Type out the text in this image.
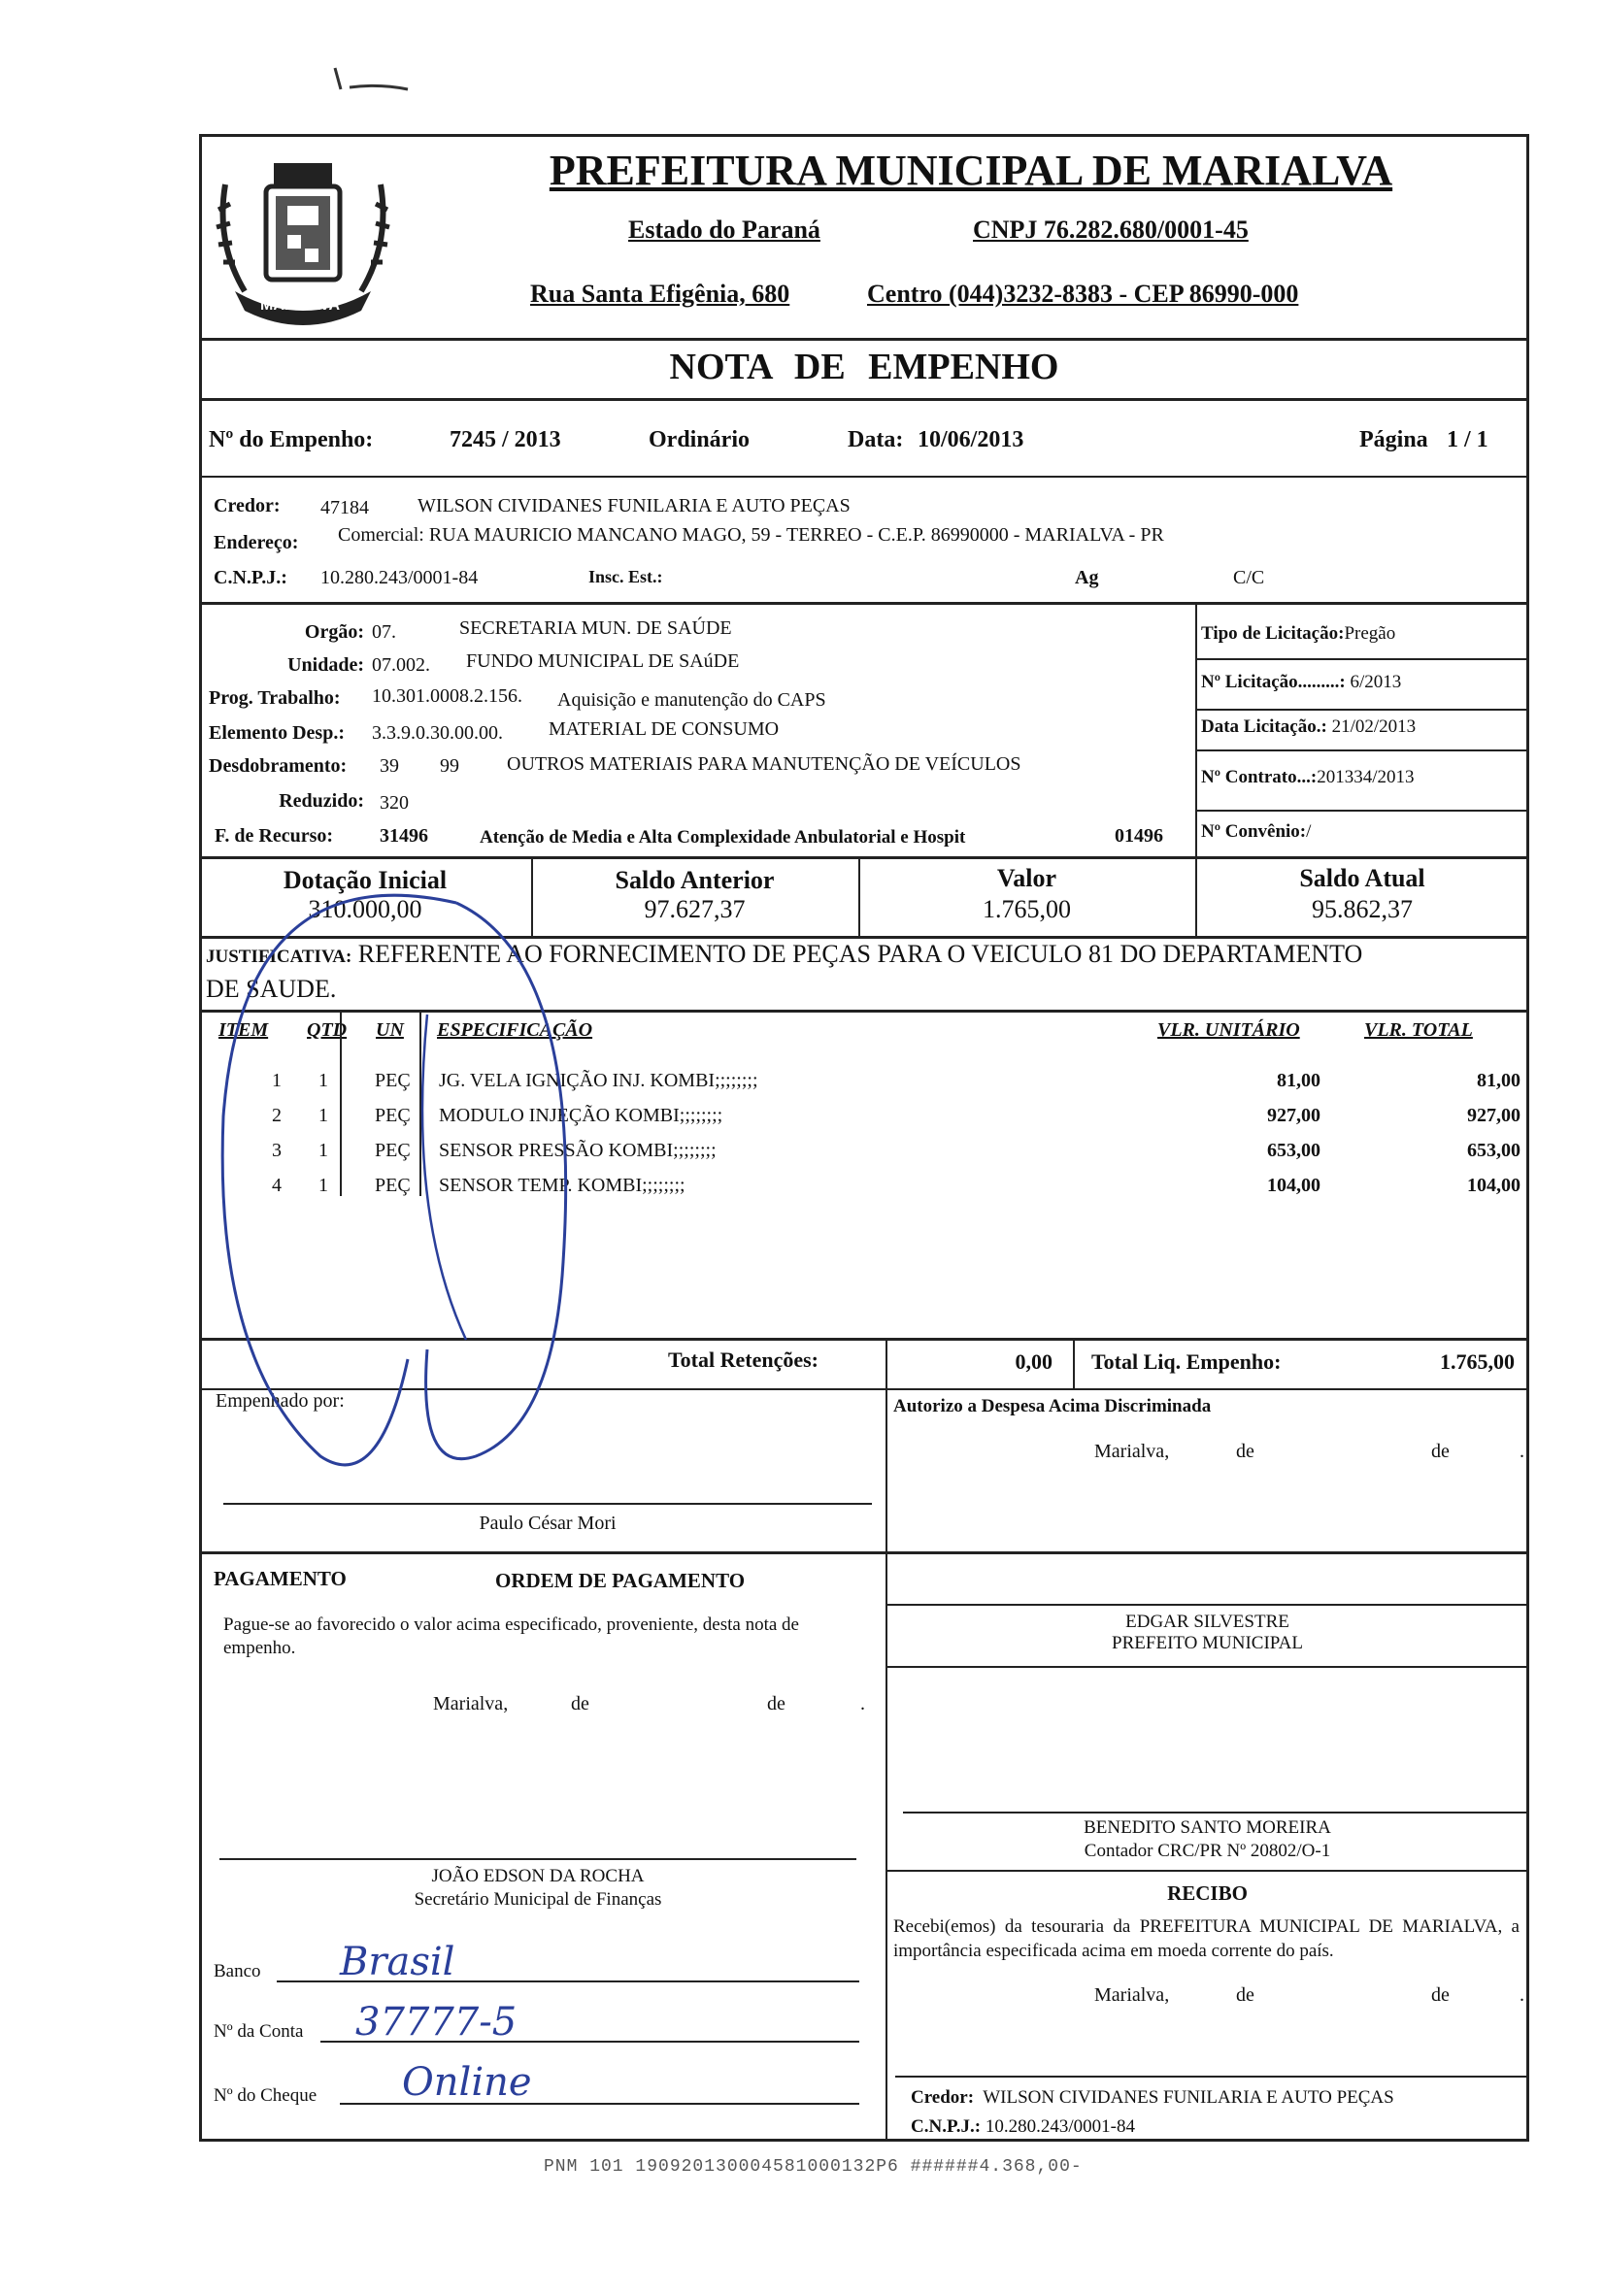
MARIALVA
PREFEITURA MUNICIPAL DE MARIALVA
Estado do Paraná	CNPJ 76.282.680/0001-45
Rua Santa Efigênia, 680	Centro (044)3232-8383 - CEP 86990-000
NOTA DE EMPENHO
Nº do Empenho:	7245 / 2013	Ordinário	Data: 10/06/2013	Página 1 / 1
Credor: 47184	WILSON CIVIDANES FUNILARIA E AUTO PEÇAS
Endereço: Comercial: RUA MAURICIO MANCANO MAGO, 59 - TERREO - C.E.P. 86990000 - MARIALVA - PR
C.N.P.J.: 10.280.243/0001-84	Insc. Est.:	Ag	C/C
Orgão: 07.	SECRETARIA MUN. DE SAÚDE
Unidade: 07.002. FUNDO MUNICIPAL DE SAúDE
Prog. Trabalho: 10.301.0008.2.156. Aquisição e manutenção do CAPS
Elemento Desp.: 3.3.9.0.30.00.00. MATERIAL DE CONSUMO
Desdobramento: 39 99 OUTROS MATERIAIS PARA MANUTENÇÃO DE VEÍCULOS
Reduzido: 320
F. de Recurso: 31496	Atenção de Media e Alta Complexidade Anbulatorial e Hospit	01496
Tipo de Licitação:Pregão
Nº Licitação.........: 6/2013
Data Licitação.: 21/02/2013
Nº Contrato...:201334/2013
Nº Convênio:/
Dotação Inicial
310.000,00
Saldo Anterior
97.627,37
Valor
1.765,00
Saldo Atual
95.862,37
JUSTIFICATIVA: REFERENTE AO FORNECIMENTO DE PEÇAS PARA O VEICULO 81 DO DEPARTAMENTO
DE SAUDE.
ITEM QTD UN ESPECIFICAÇÃO	VLR. UNITÁRIO	VLR. TOTAL
1	1	PEÇ JG. VELA IGNIÇÃO INJ. KOMBI;;;;;;;;	81,00	81,00
2	1	PEÇ MODULO INJEÇÃO KOMBI;;;;;;;;	927,00	927,00
3	1	PEÇ SENSOR PRESSÃO KOMBI;;;;;;;;	653,00	653,00
4	1	PEÇ SENSOR TEMP. KOMBI;;;;;;;;	104,00	104,00
Total Retenções:	0,00 Total Liq. Empenho:	1.765,00
Empenhado por:
Paulo César Mori
Autorizo a Despesa Acima Discriminada
Marialva,	de	de	.
PAGAMENTO	ORDEM DE PAGAMENTO
Pague-se ao favorecido o valor acima especificado, proveniente, desta nota de empenho.
Marialva,	de	de	.
EDGAR SILVESTRE
PREFEITO MUNICIPAL
BENEDITO SANTO MOREIRA
Contador CRC/PR Nº 20802/O-1
JOÃO EDSON DA ROCHA
Secretário Municipal de Finanças	RECIBO
Recebi(emos) da tesouraria da PREFEITURA MUNICIPAL DE MARIALVA, a importância especificada acima em moeda corrente do país.
Marialva,	de	de	.
Banco Brasil
Nº da Conta 37777-5
Nº do Cheque Online	Credor: WILSON CIVIDANES FUNILARIA E AUTO PEÇAS
C.N.P.J.: 10.280.243/0001-84
PNM 101 190920130004581000132P6 ######4.368,00-
